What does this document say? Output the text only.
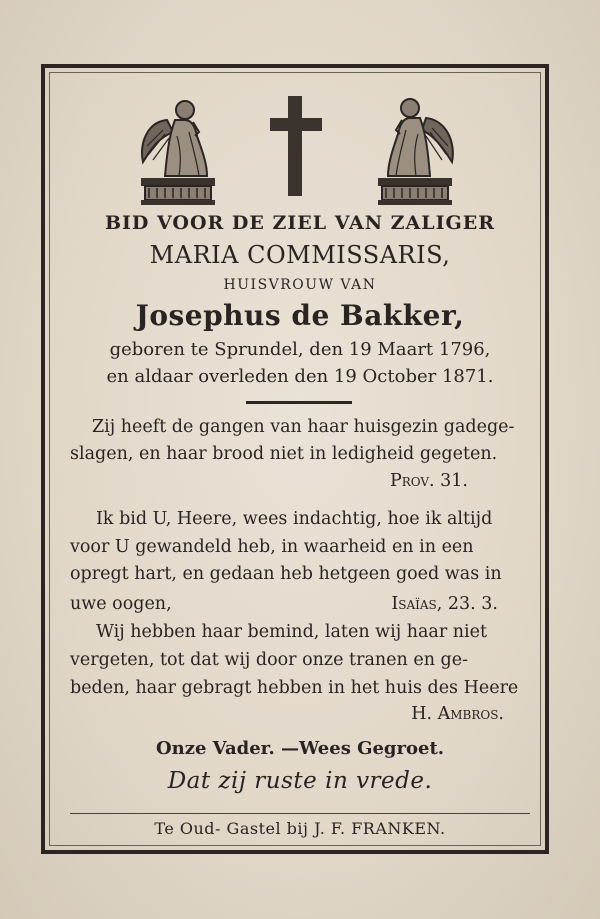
BID VOOR DE ZIEL VAN ZALIGER
MARIA COMMISSARIS,
HUISVROUW VAN
Josephus de Bakker,
geboren te Sprundel, den 19 Maart 1796,
en aldaar overleden den 19 October 1871.
Zij heeft de gangen van haar huisgezin gadege-
slagen, en haar brood niet in ledigheid gegeten.
Prov. 31.
Ik bid U, Heere, wees indachtig, hoe ik altijd
voor U gewandeld heb, in waarheid en in een
opregt hart, en gedaan heb hetgeen goed was in
uwe oogen,	Isaïas, 23. 3.
Wij hebben haar bemind, laten wij haar niet
vergeten, tot dat wij door onze tranen en ge-
beden, haar gebragt hebben in het huis des Heere
H. Ambros.
Onze Vader. —Wees Gegroet.
Dat zij ruste in vrede.
Te Oud- Gastel bij J. F. FRANKEN.
